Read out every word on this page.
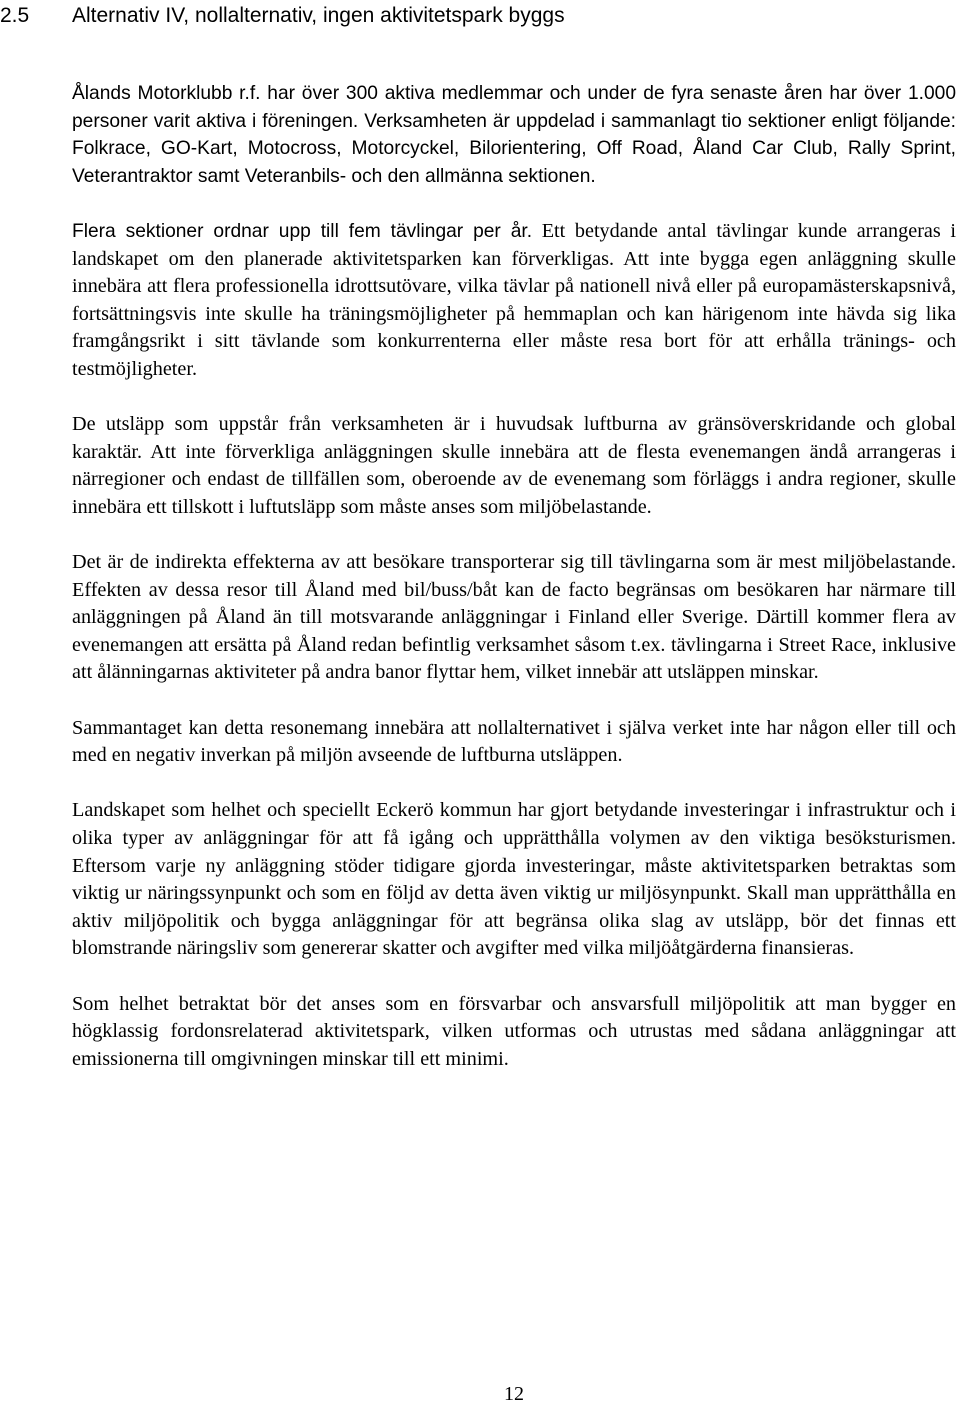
2.5 Alternativ IV, nollalternativ, ingen aktivitetspark byggs

Ålands Motorklubb r.f. har över 300 aktiva medlemmar och under de fyra senaste åren har över 1.000 personer varit aktiva i föreningen. Verksamheten är uppdelad i sammanlagt tio sektioner enligt följande: Folkrace, GO-Kart, Motocross, Motorcyckel, Bilorientering, Off Road, Åland Car Club, Rally Sprint, Veterantraktor samt Veteranbils- och den allmänna sektionen.

Flera sektioner ordnar upp till fem tävlingar per år. Ett betydande antal tävlingar kunde arrangeras i landskapet om den planerade aktivitetsparken kan förverkligas. Att inte bygga egen anläggning skulle innebära att flera professionella idrottsutövare, vilka tävlar på nationell nivå eller på europamästerskapsnivå, fortsättningsvis inte skulle ha träningsmöjligheter på hemmaplan och kan härigenom inte hävda sig lika framgångsrikt i sitt tävlande som konkurrenterna eller måste resa bort för att erhålla tränings- och testmöjligheter.

De utsläpp som uppstår från verksamheten är i huvudsak luftburna av gränsöverskridande och global karaktär. Att inte förverkliga anläggningen skulle innebära att de flesta evenemangen ändå arrangeras i närregioner och endast de tillfällen som, oberoende av de evenemang som förläggs i andra regioner, skulle innebära ett tillskott i luftutsläpp som måste anses som miljöbelastande.

Det är de indirekta effekterna av att besökare transporterar sig till tävlingarna som är mest miljöbelastande. Effekten av dessa resor till Åland med bil/buss/båt kan de facto begränsas om besökaren har närmare till anläggningen på Åland än till motsvarande anläggningar i Finland eller Sverige. Därtill kommer flera av evenemangen att ersätta på Åland redan befintlig verksamhet såsom t.ex. tävlingarna i Street Race, inklusive att ålänningarnas aktiviteter på andra banor flyttar hem, vilket innebär att utsläppen minskar.

Sammantaget kan detta resonemang innebära att nollalternativet i själva verket inte har någon eller till och med en negativ inverkan på miljön avseende de luftburna utsläppen.

Landskapet som helhet och speciellt Eckerö kommun har gjort betydande investeringar i infrastruktur och i olika typer av anläggningar för att få igång och upprätthålla volymen av den viktiga besöksturismen. Eftersom varje ny anläggning stöder tidigare gjorda investeringar, måste aktivitetsparken betraktas som viktig ur näringssynpunkt och som en följd av detta även viktig ur miljösynpunkt. Skall man upprätthålla en aktiv miljöpolitik och bygga anläggningar för att begränsa olika slag av utsläpp, bör det finnas ett blomstrande näringsliv som genererar skatter och avgifter med vilka miljöåtgärderna finansieras.

Som helhet betraktat bör det anses som en försvarbar och ansvarsfull miljöpolitik att man bygger en högklassig fordonsrelaterad aktivitetspark, vilken utformas och utrustas med sådana anläggningar att emissionerna till omgivningen minskar till ett minimi.

12
